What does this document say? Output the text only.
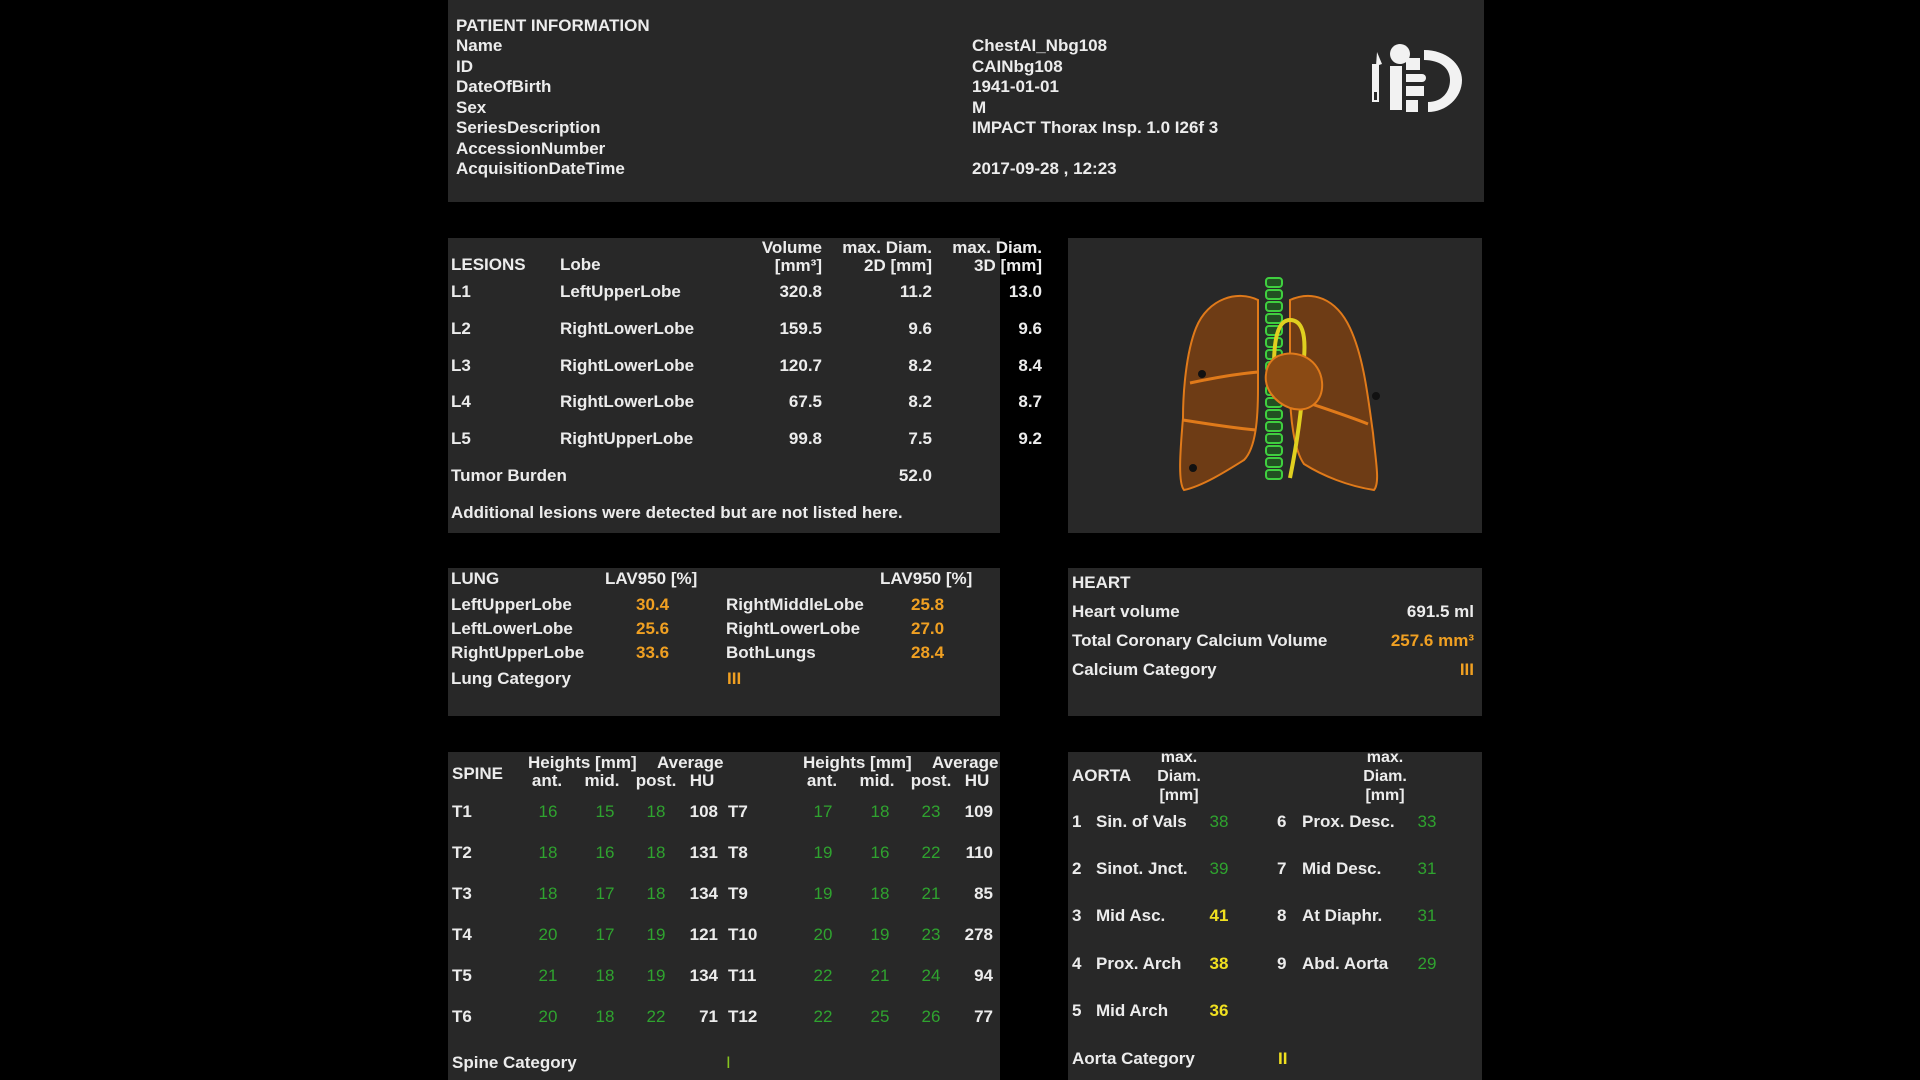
PATIENT INFORMATION
Name	ChestAI_Nbg108
ID	CAINbg108
DateOfBirth	1941-01-01
Sex	M
SeriesDescription	IMPACT Thorax Insp. 1.0 I26f 3
AccessionNumber
AcquisitionDateTime	2017-09-28 , 12:23
LESIONS Lobe
Volume
[mm³]
max. Diam.
2D [mm]
max. Diam.
3D [mm]
L1	LeftUpperLobe	320.8	11.2	13.0
L2	RightLowerLobe	159.5	9.6	9.6
L3	RightLowerLobe	120.7	8.2	8.4
L4	RightLowerLobe	67.5	8.2	8.7
L5	RightUpperLobe	99.8	7.5	9.2
Tumor Burden	52.0
Additional lesions were detected but are not listed here.
LUNG	LAV950 [%]	LAV950 [%]
LeftUpperLobe	30.4
LeftLowerLobe	25.6
RightUpperLobe	33.6
RightMiddleLobe	25.8
RightLowerLobe	27.0
BothLungs	28.4
Lung Category	III
HEART
Heart volume	691.5 ml
Total Coronary Calcium Volume	257.6 mm³
Calcium Category	III
SPINE
Heights [mm] Average	Heights [mm] Average
ant.	mid. post. HU	ant.	mid. post. HU
T1	16	15	18	108
T2	18	16	18	131
T3	18	17	18	134
T4	20	17	19	121
T5	21	18	19	134
T6	20	18	22	71
T7	17	18	23	109
T8	19	16	22	110
T9	19	18	21	85
T10	20	19	23	278
T11	22	21	24	94
T12	22	25	26	77
Spine Category	I
AORTA
max.
Diam.
[mm]
max.
Diam.
[mm]
1 Sin. of Vals	38
2 Sinot. Jnct.	39
3 Mid Asc.	41
4 Prox. Arch	38
5 Mid Arch	36
6 Prox. Desc.	33
7 Mid Desc.	31
8 At Diaphr.	31
9 Abd. Aorta	29
Aorta Category	II
